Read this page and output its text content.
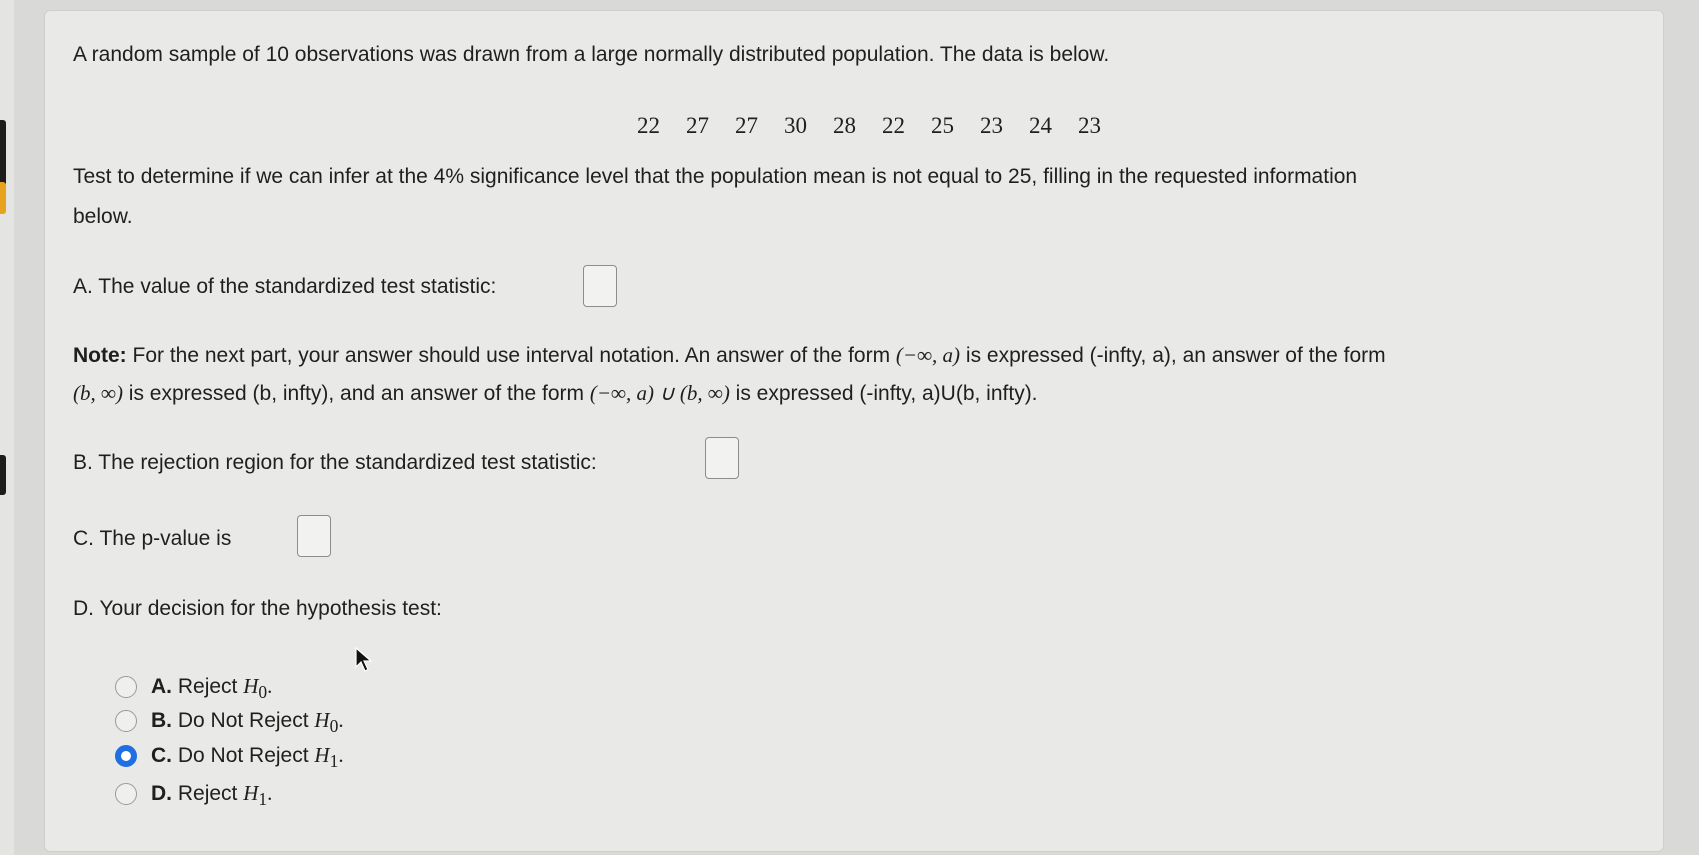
A random sample of 10 observations was drawn from a large normally distributed population. The data is below.
22 27 27 30 28 22 25 23 24 23
Test to determine if we can infer at the 4% significance level that the population mean is not equal to 25, filling in the requested information
below.
A. The value of the standardized test statistic:
Note: For the next part, your answer should use interval notation. An answer of the form (−∞, a) is expressed (-infty, a), an answer of the form
(b, ∞) is expressed (b, infty), and an answer of the form (−∞, a) ∪ (b, ∞) is expressed (-infty, a)U(b, infty).
B. The rejection region for the standardized test statistic:
C. The p-value is
D. Your decision for the hypothesis test:
A. Reject $H_0$.
B. Do Not Reject $H_0$.
C. Do Not Reject $H_1$.
D. Reject $H_1$.
